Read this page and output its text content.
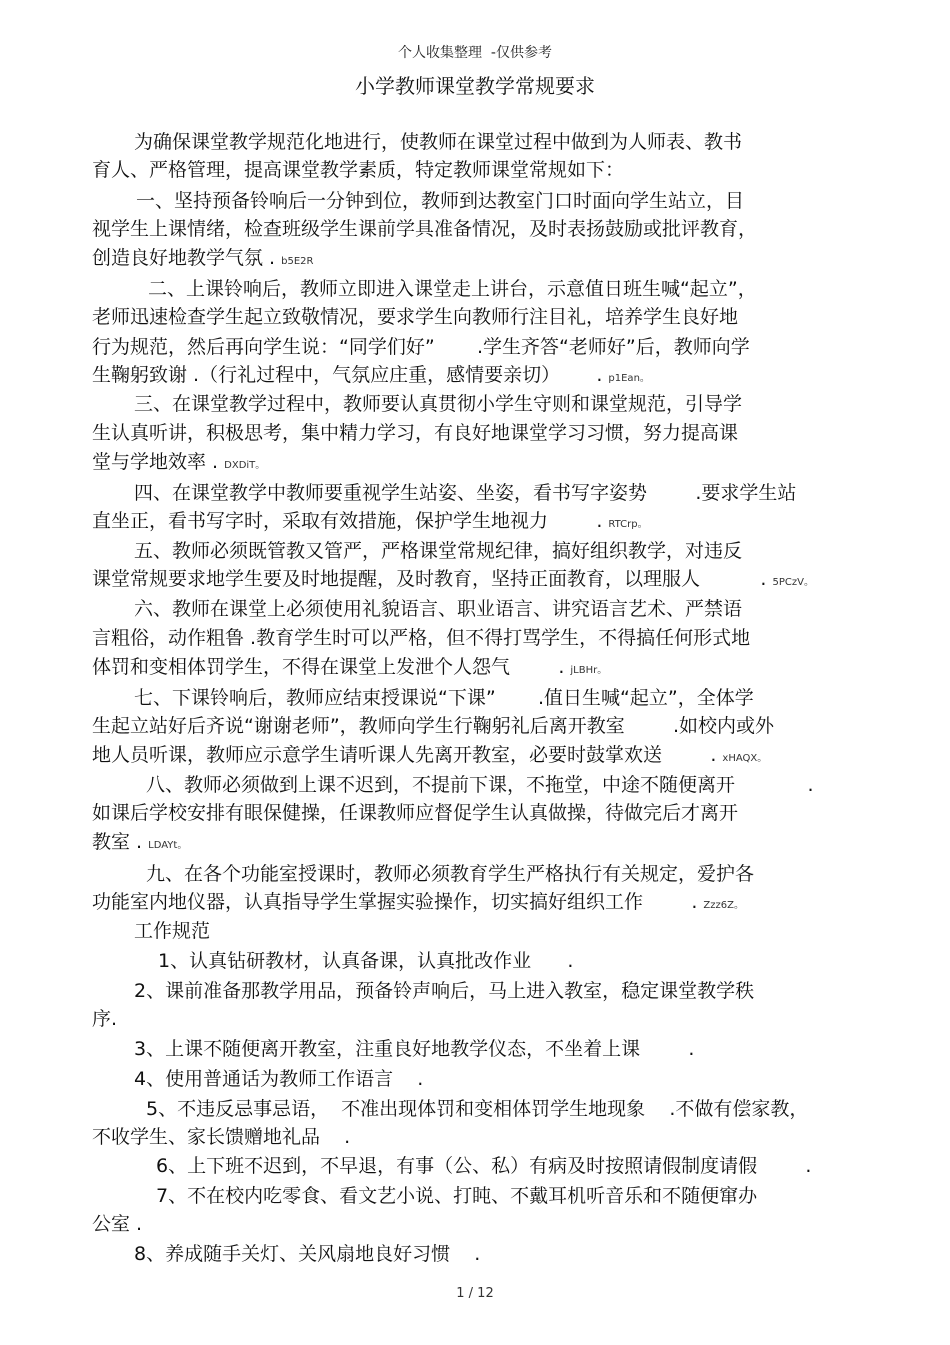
个人收集整理  -仅供参考
小学教师课堂教学常规要求
为确保课堂教学规范化地进行，使教师在课堂过程中做到为人师表、教书
育人、严格管理，提高课堂教学素质，特定教师课堂常规如下：
一、坚持预备铃响后一分钟到位，教师到达教室门口时面向学生站立，目
视学生上课情绪，检查班级学生课前学具准备情况，及时表扬鼓励或批评教育，
创造良好地教学气氛 . b5E2R
二、上课铃响后，教师立即进入课堂走上讲台，示意值日班生喊“起立”，
老师迅速检查学生起立致敬情况，要求学生向教师行注目礼，培养学生良好地
行为规范，然后再向学生说：“同学们好”       .学生齐答“老师好”后，教师向学
生鞠躬致谢 .（行礼过程中，气氛应庄重，感情要亲切）      . p1Ean。
三、在课堂教学过程中，教师要认真贯彻小学生守则和课堂规范，引导学
生认真听讲，积极思考，集中精力学习，有良好地课堂学习习惯，努力提高课
堂与学地效率 . DXDiT。
四、在课堂教学中教师要重视学生站姿、坐姿，看书写字姿势        .要求学生站
直坐正，看书写字时，采取有效措施，保护学生地视力        . RTCrp。
五、教师必须既管教又管严，严格课堂常规纪律，搞好组织教学，对违反
课堂常规要求地学生要及时地提醒，及时教育，坚持正面教育，以理服人          . 5PCzV。
六、教师在课堂上必须使用礼貌语言、职业语言、讲究语言艺术、严禁语
言粗俗，动作粗鲁 .教育学生时可以严格，但不得打骂学生，不得搞任何形式地
体罚和变相体罚学生，不得在课堂上发泄个人怨气        . jLBHr。
七、下课铃响后，教师应结束授课说“下课”       .值日生喊“起立”，全体学
生起立站好后齐说“谢谢老师”，教师向学生行鞠躬礼后离开教室        .如校内或外
地人员听课，教师应示意学生请听课人先离开教室，必要时鼓掌欢送        . xHAQX。
八、教师必须做到上课不迟到，不提前下课，不拖堂，中途不随便离开            .
如课后学校安排有眼保健操，任课教师应督促学生认真做操，待做完后才离开
教室 . LDAYt。
九、在各个功能室授课时，教师必须教育学生严格执行有关规定，爱护各
功能室内地仪器，认真指导学生掌握实验操作，切实搞好组织工作        . Zzz6Z。
工作规范
1、认真钻研教材，认真备课，认真批改作业      .
2、课前准备那教学用品，预备铃声响后，马上进入教室，稳定课堂教学秩
序.
3、上课不随便离开教室，注重良好地教学仪态，不坐着上课        .
4、使用普通话为教师工作语言    .
5、不违反忌事忌语，  不准出现体罚和变相体罚学生地现象    .不做有偿家教，
不收学生、家长馈赠地礼品    .
6、上下班不迟到，不早退，有事（公、私）有病及时按照请假制度请假        .
7、不在校内吃零食、看文艺小说、打盹、不戴耳机听音乐和不随便窜办
公室 .
8、养成随手关灯、关风扇地良好习惯    .
1 / 12
